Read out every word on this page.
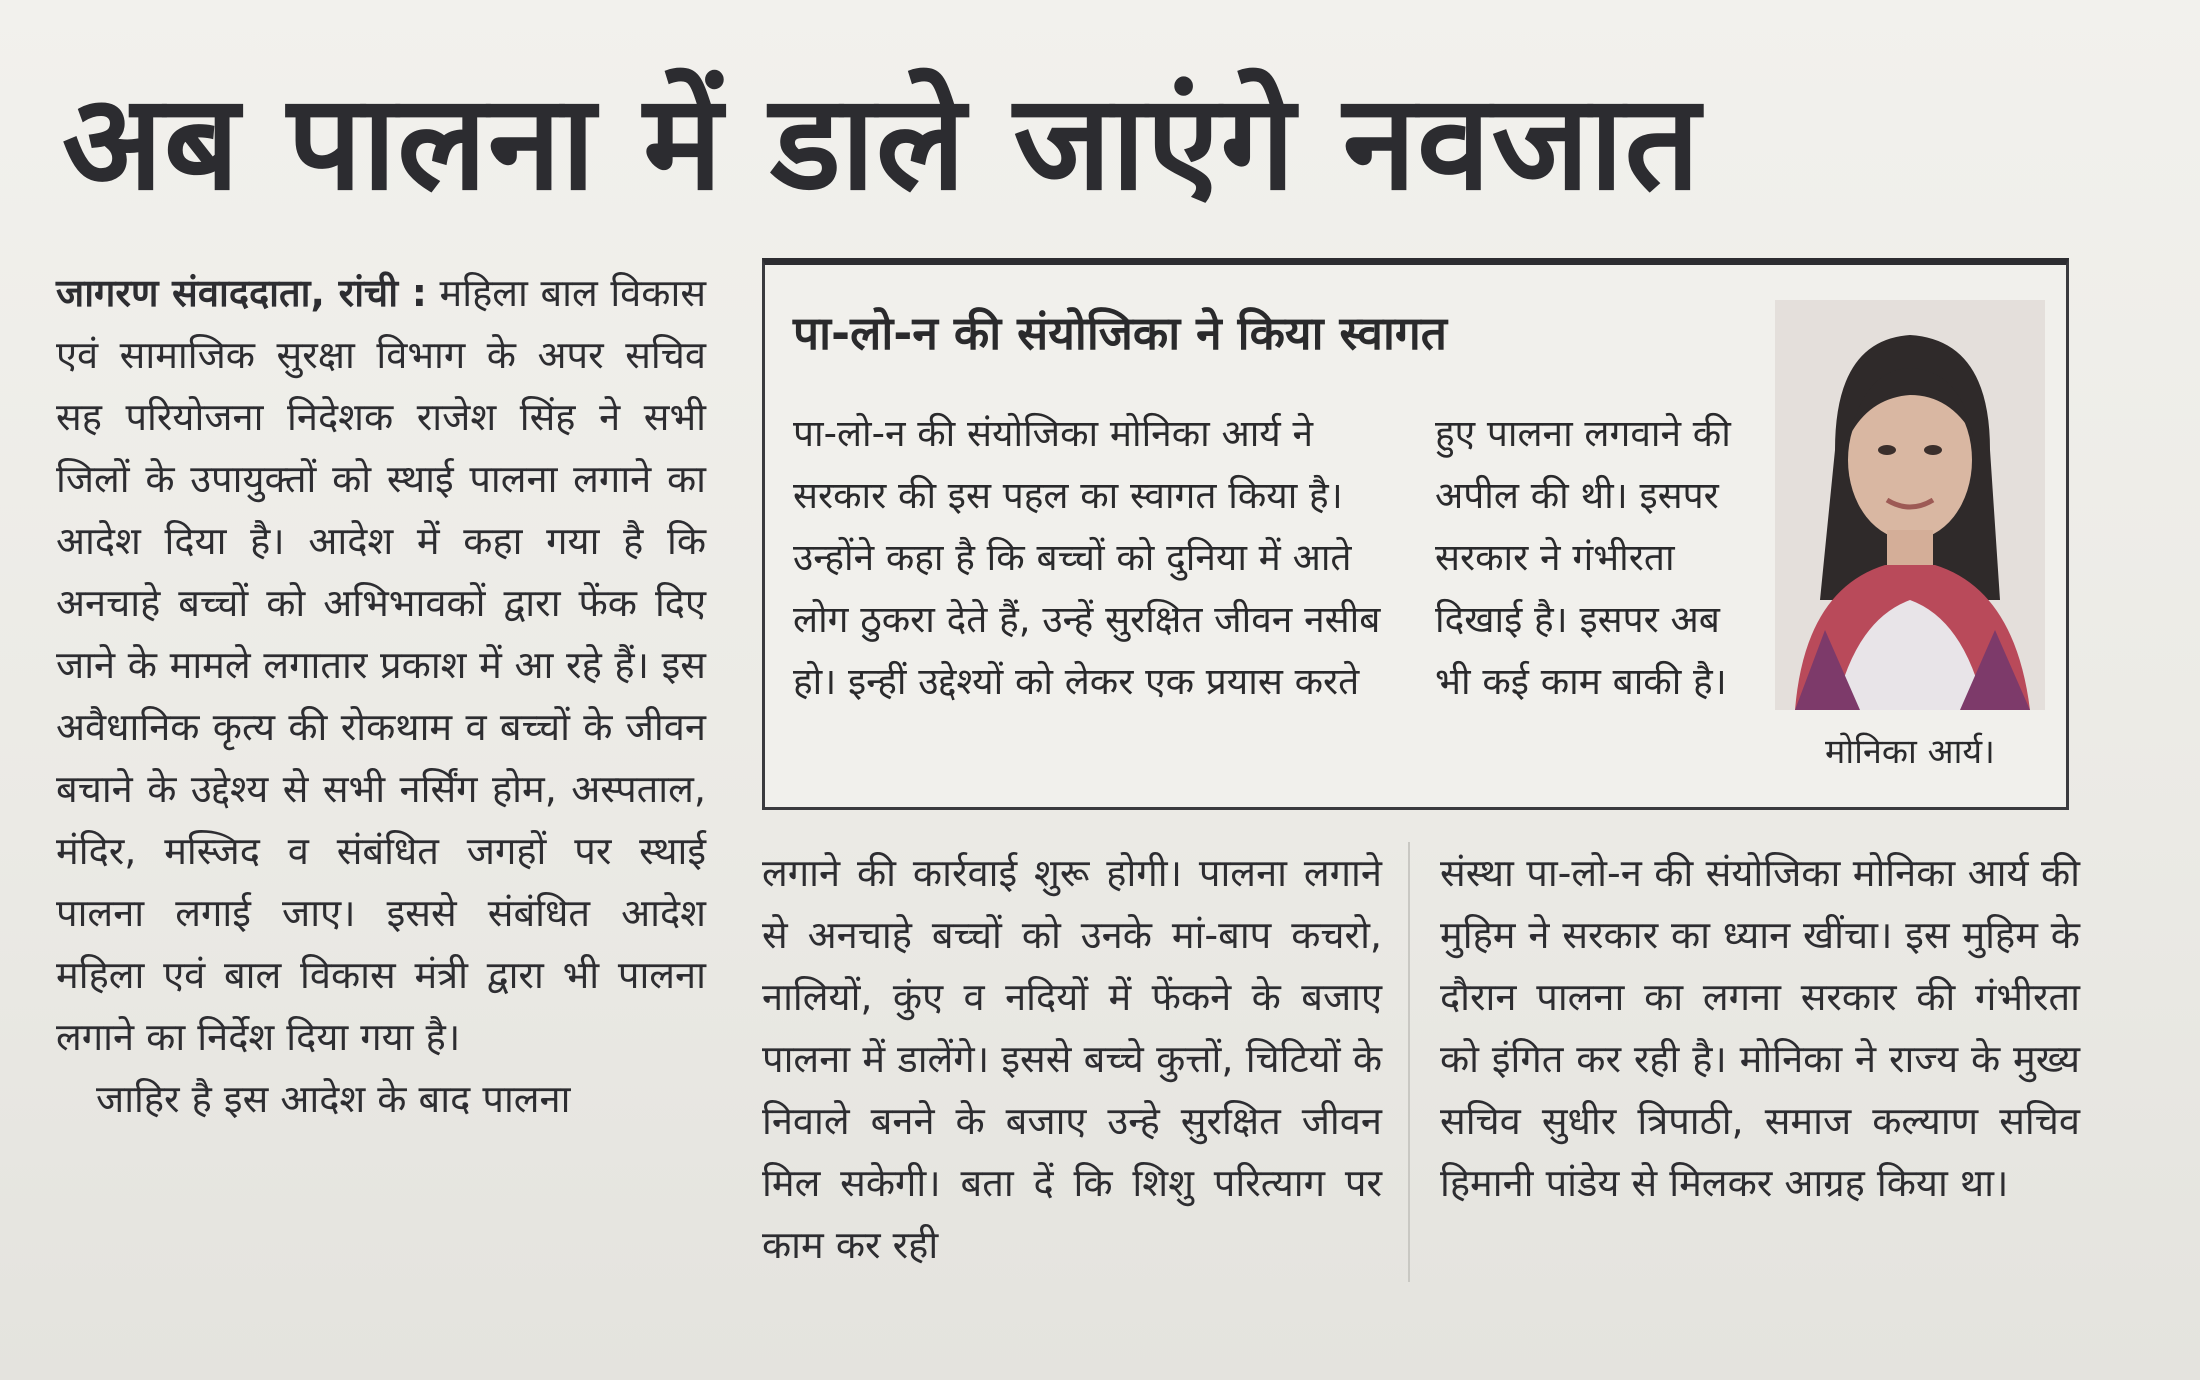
अब पालना में डाले जाएंगे नवजात

जागरण संवाददाता, रांची : महिला बाल विकास एवं सामाजिक सुरक्षा विभाग के अपर सचिव सह परियोजना निदेशक राजेश सिंह ने सभी जिलों के उपायुक्तों को स्थाई पालना लगाने का आदेश दिया है। आदेश में कहा गया है कि अनचाहे बच्चों को अभिभावकों द्वारा फेंक दिए जाने के मामले लगातार प्रकाश में आ रहे हैं। इस अवैधानिक कृत्य की रोकथाम व बच्चों के जीवन बचाने के उद्देश्य से सभी नर्सिंग होम, अस्पताल, मंदिर, मस्जिद व संबंधित जगहों पर स्थाई पालना लगाई जाए। इससे संबंधित आदेश महिला एवं बाल विकास मंत्री द्वारा भी पालना लगाने का निर्देश दिया गया है।

जाहिर है इस आदेश के बाद पालना

पा-लो-न की संयोजिका ने किया स्वागत
पा-लो-न की संयोजिका मोनिका आर्य ने सरकार की इस पहल का स्वागत किया है। उन्होंने कहा है कि बच्चों को दुनिया में आते लोग ठुकरा देते हैं, उन्हें सुरक्षित जीवन नसीब हो। इन्हीं उद्देश्यों को लेकर एक प्रयास करते
हुए पालना लगवाने की अपील की थी। इसपर सरकार ने गंभीरता दिखाई है। इसपर अब भी कई काम बाकी है।
मोनिका आर्य।
लगाने की कार्रवाई शुरू होगी। पालना लगाने से अनचाहे बच्चों को उनके मां-बाप कचरो, नालियों, कुंए व नदियों में फेंकने के बजाए पालना में डालेंगे। इससे बच्चे कुत्तों, चिटियों के निवाले बनने के बजाए उन्हे सुरक्षित जीवन मिल सकेगी। बता दें कि शिशु परित्याग पर काम कर रही
संस्था पा-लो-न की संयोजिका मोनिका आर्य की मुहिम ने सरकार का ध्यान खींचा। इस मुहिम के दौरान पालना का लगना सरकार की गंभीरता को इंगित कर रही है। मोनिका ने राज्य के मुख्य सचिव सुधीर त्रिपाठी, समाज कल्याण सचिव हिमानी पांडेय से मिलकर आग्रह किया था।
